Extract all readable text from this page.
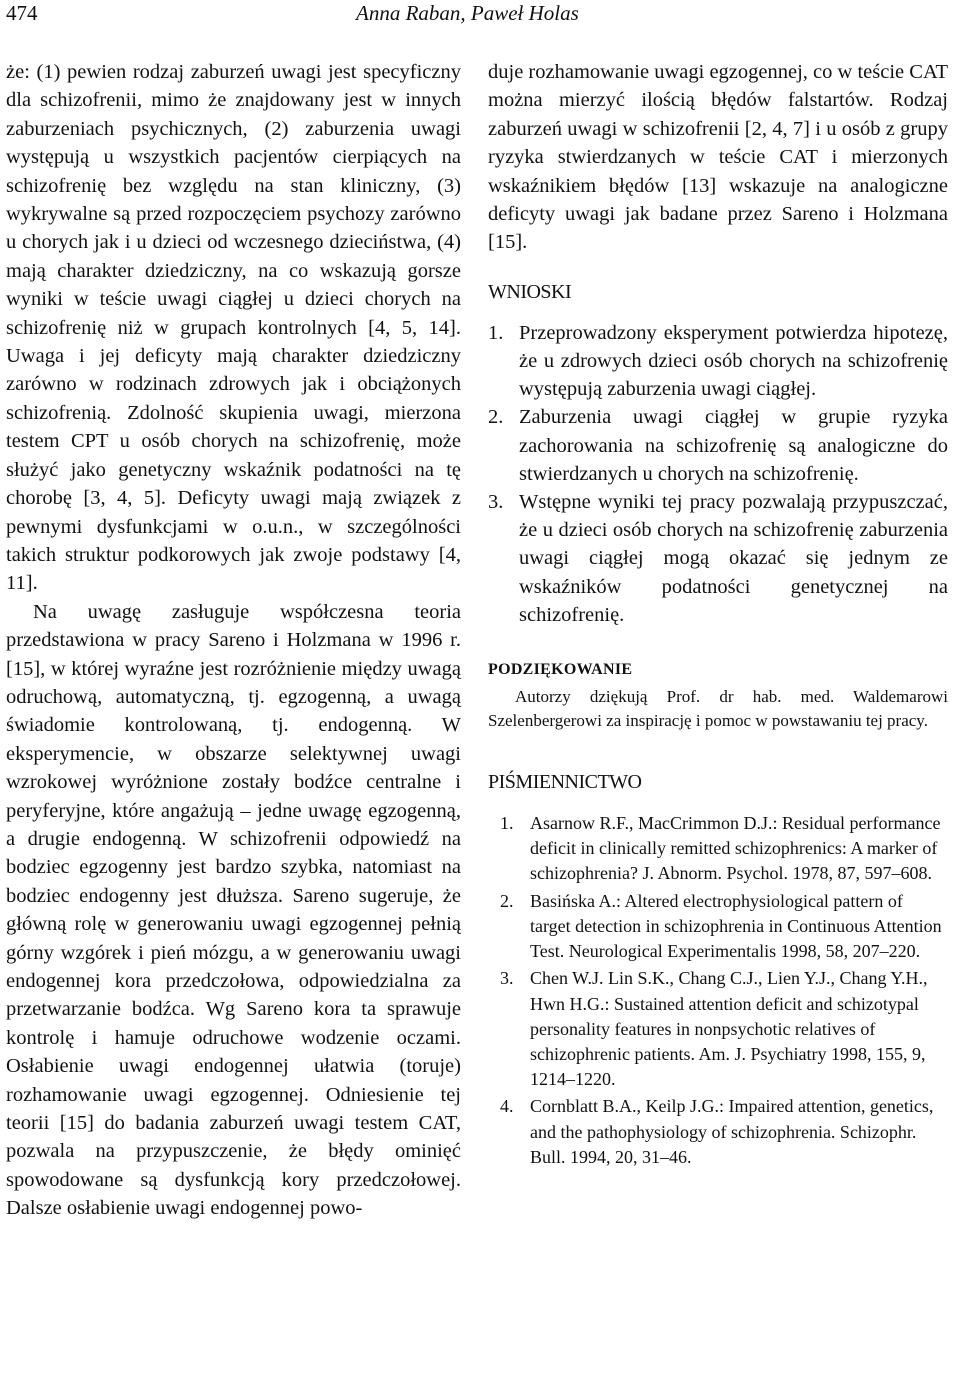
474	Anna Raban, Paweł Holas

że: (1) pewien rodzaj zaburzeń uwagi jest specyficzny dla schizofrenii, mimo że znajdowany jest w innych zaburzeniach psychicznych, (2) zaburzenia uwagi występują u wszystkich pacjentów cierpiących na schizofrenię bez względu na stan kliniczny, (3) wykrywalne są przed rozpoczęciem psychozy zarówno u chorych jak i u dzieci od wczesnego dzieciństwa, (4) mają charakter dziedziczny, na co wskazują gorsze wyniki w teście uwagi ciągłej u dzieci chorych na schizofrenię niż w grupach kontrolnych [4, 5, 14]. Uwaga i jej deficyty mają charakter dziedziczny zarówno w rodzinach zdrowych jak i obciążonych schizofrenią. Zdolność skupienia uwagi, mierzona testem CPT u osób chorych na schizofrenię, może służyć jako genetyczny wskaźnik podatności na tę chorobę [3, 4, 5]. Deficyty uwagi mają związek z pewnymi dysfunkcjami w o.u.n., w szczególności takich struktur podkorowych jak zwoje podstawy [4, 11].

Na uwagę zasługuje współczesna teoria przedstawiona w pracy Sareno i Holzmana w 1996 r. [15], w której wyraźne jest rozróżnienie między uwagą odruchową, automatyczną, tj. egzogenną, a uwagą świadomie kontrolowaną, tj. endogenną. W eksperymencie, w obszarze selektywnej uwagi wzrokowej wyróżnione zostały bodźce centralne i peryferyjne, które angażują – jedne uwagę egzogenną, a drugie endogenną. W schizofrenii odpowiedź na bodziec egzogenny jest bardzo szybka, natomiast na bodziec endogenny jest dłuższa. Sareno sugeruje, że główną rolę w generowaniu uwagi egzogennej pełnią górny wzgórek i pień mózgu, a w generowaniu uwagi endogennej kora przedczołowa, odpowiedzialna za przetwarzanie bodźca. Wg Sareno kora ta sprawuje kontrolę i hamuje odruchowe wodzenie oczami. Osłabienie uwagi endogennej ułatwia (toruje) rozhamowanie uwagi egzogennej. Odniesienie tej teorii [15] do badania zaburzeń uwagi testem CAT, pozwala na przypuszczenie, że błędy ominięć spowodowane są dysfunkcją kory przedczołowej. Dalsze osłabienie uwagi endogennej powo-

duje rozhamowanie uwagi egzogennej, co w teście CAT można mierzyć ilością błędów falstartów. Rodzaj zaburzeń uwagi w schizofrenii [2, 4, 7] i u osób z grupy ryzyka stwierdzanych w teście CAT i mierzonych wskaźnikiem błędów [13] wskazuje na analogiczne deficyty uwagi jak badane przez Sareno i Holzmana [15].

WNIOSKI
1. Przeprowadzony eksperyment potwierdza hipotezę, że u zdrowych dzieci osób chorych na schizofrenię występują zaburzenia uwagi ciągłej.
2. Zaburzenia uwagi ciągłej w grupie ryzyka zachorowania na schizofrenię są analogiczne do stwierdzanych u chorych na schizofrenię.
3. Wstępne wyniki tej pracy pozwalają przypuszczać, że u dzieci osób chorych na schizofrenię zaburzenia uwagi ciągłej mogą okazać się jednym ze wskaźników podatności genetycznej na schizofrenię.
PODZIĘKOWANIE

Autorzy dziękują Prof. dr hab. med. Waldemarowi Szelenbergerowi za inspirację i pomoc w powstawaniu tej pracy.

PIŚMIENNICTWO
1. Asarnow R.F., MacCrimmon D.J.: Residual performance deficit in clinically remitted schizophrenics: A marker of schizophrenia? J. Abnorm. Psychol. 1978, 87, 597–608.
2. Basińska A.: Altered electrophysiological pattern of target detection in schizophrenia in Continuous Attention Test. Neurological Experimentalis 1998, 58, 207–220.
3. Chen W.J. Lin S.K., Chang C.J., Lien Y.J., Chang Y.H., Hwn H.G.: Sustained attention deficit and schizotypal personality features in nonpsychotic relatives of schizophrenic patients. Am. J. Psychiatry 1998, 155, 9, 1214–1220.
4. Cornblatt B.A., Keilp J.G.: Impaired attention, genetics, and the pathophysiology of schizophrenia. Schizophr. Bull. 1994, 20, 31–46.
